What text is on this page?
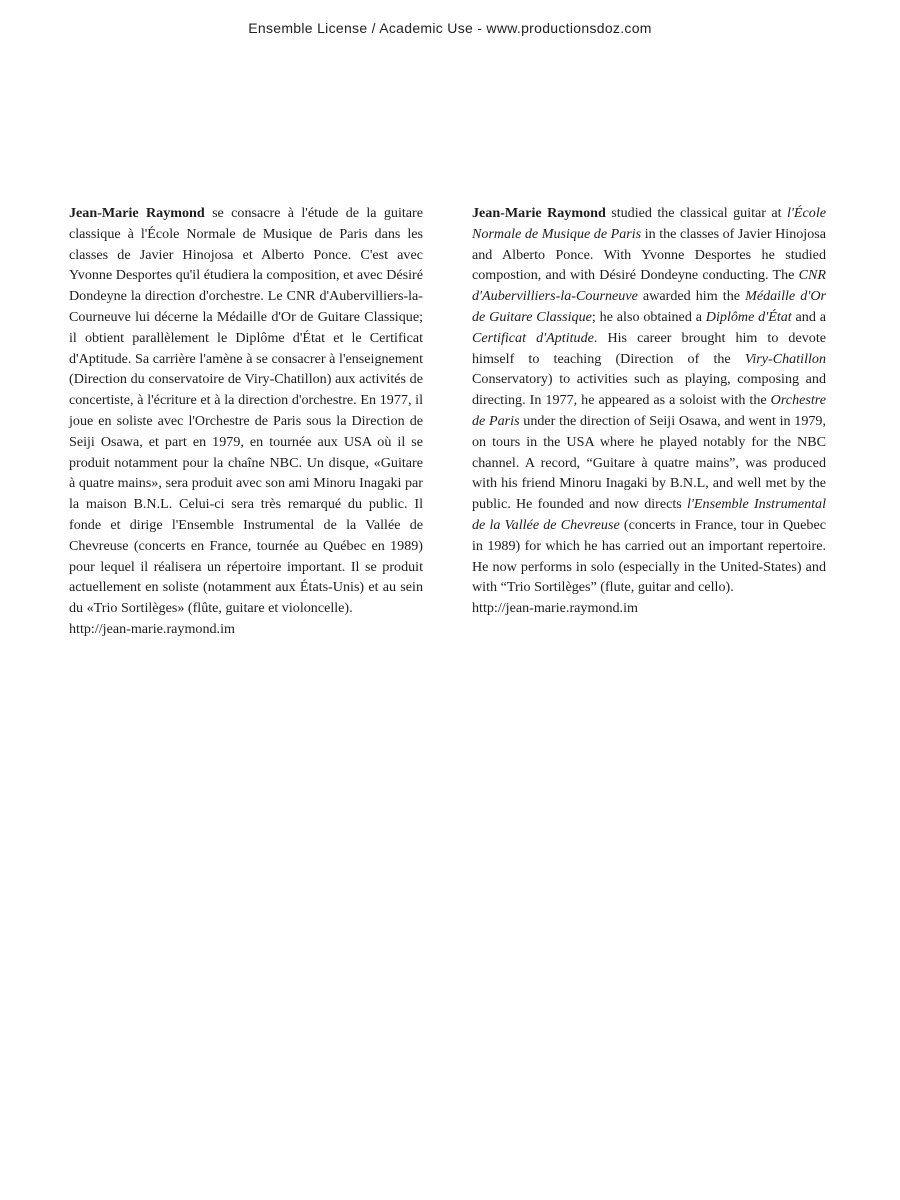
Ensemble License / Academic Use - www.productionsdoz.com

Jean-Marie Raymond se consacre à l'étude de la guitare classique à l'École Normale de Musique de Paris dans les classes de Javier Hinojosa et Alberto Ponce. C'est avec Yvonne Desportes qu'il étudiera la composition, et avec Désiré Dondeyne la direction d'orchestre. Le CNR d'Aubervilliers-la-Courneuve lui décerne la Médaille d'Or de Guitare Classique; il obtient parallèlement le Diplôme d'État et le Certificat d'Aptitude. Sa carrière l'amène à se consacrer à l'enseignement (Direction du conservatoire de Viry-Chatillon) aux activités de concertiste, à l'écriture et à la direction d'orchestre. En 1977, il joue en soliste avec l'Orchestre de Paris sous la Direction de Seiji Osawa, et part en 1979, en tournée aux USA où il se produit notamment pour la chaîne NBC. Un disque, «Guitare à quatre mains», sera produit avec son ami Minoru Inagaki par la maison B.N.L. Celui-ci sera très remarqué du public. Il fonde et dirige l'Ensemble Instrumental de la Vallée de Chevreuse (concerts en France, tournée au Québec en 1989) pour lequel il réalisera un répertoire important. Il se produit actuellement en soliste (notamment aux États-Unis) et au sein du «Trio Sortilèges» (flûte, guitare et violoncelle).

http://jean-marie.raymond.im

Jean-Marie Raymond studied the classical guitar at l'École Normale de Musique de Paris in the classes of Javier Hinojosa and Alberto Ponce. With Yvonne Desportes he studied compostion, and with Désiré Dondeyne conducting. The CNR d'Aubervilliers-la-Courneuve awarded him the Médaille d'Or de Guitare Classique; he also obtained a Diplôme d'État and a Certificat d'Aptitude. His career brought him to devote himself to teaching (Direction of the Viry-Chatillon Conservatory) to activities such as playing, composing and directing. In 1977, he appeared as a soloist with the Orchestre de Paris under the direction of Seiji Osawa, and went in 1979, on tours in the USA where he played notably for the NBC channel. A record, “Guitare à quatre mains”, was produced with his friend Minoru Inagaki by B.N.L, and well met by the public. He founded and now directs l'Ensemble Instrumental de la Vallée de Chevreuse (concerts in France, tour in Quebec in 1989) for which he has carried out an important repertoire. He now performs in solo (especially in the United-States) and with “Trio Sortilèges” (flute, guitar and cello).

http://jean-marie.raymond.im
